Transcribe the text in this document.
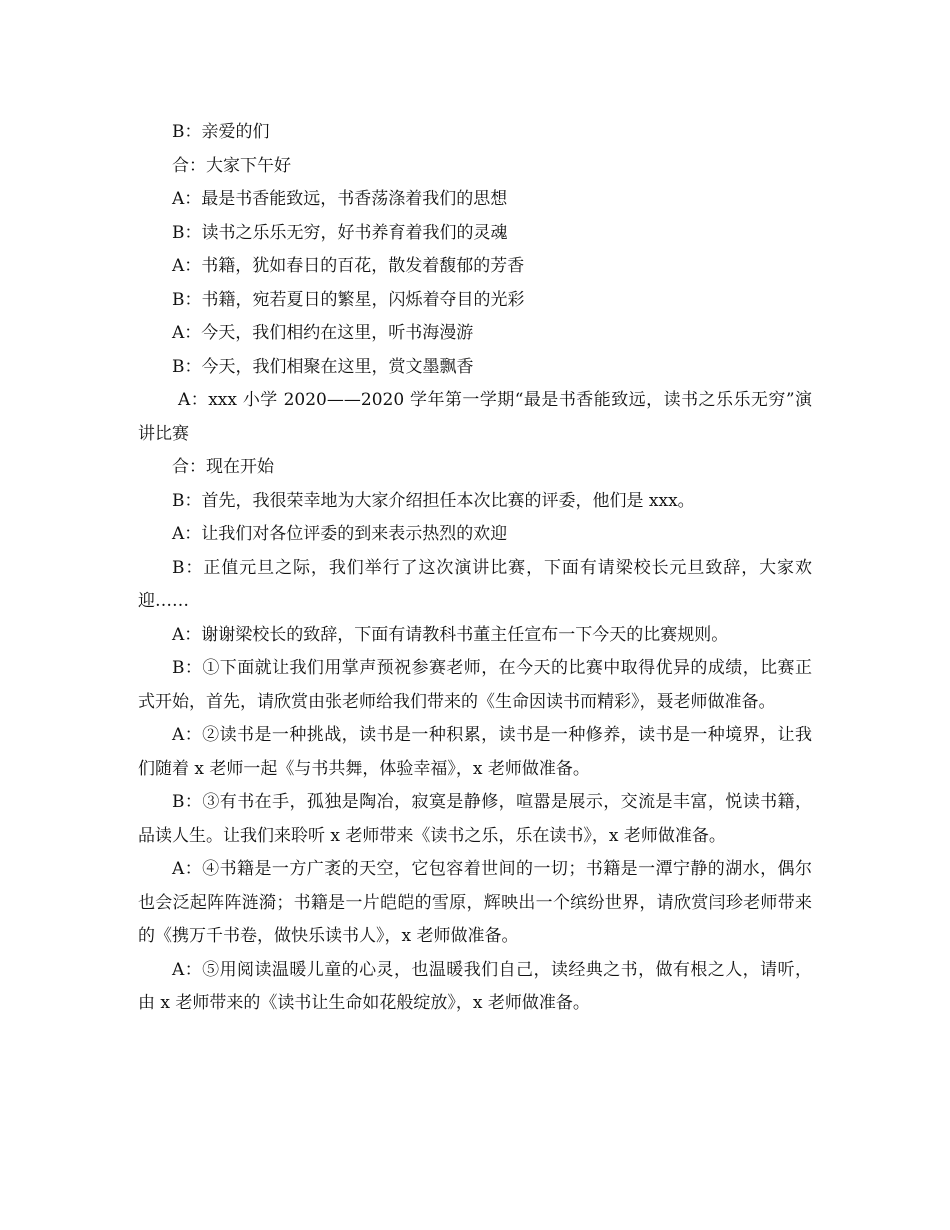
B：亲爱的们

合：大家下午好

A：最是书香能致远，书香荡涤着我们的思想

B：读书之乐乐无穷，好书养育着我们的灵魂

A：书籍，犹如春日的百花，散发着馥郁的芳香

B：书籍，宛若夏日的繁星，闪烁着夺目的光彩

A：今天，我们相约在这里，听书海漫游

B：今天，我们相聚在这里，赏文墨飘香

A：xxx 小学 2020——2020 学年第一学期“最是书香能致远，读书之乐乐无穷”演讲比赛

合：现在开始

B：首先，我很荣幸地为大家介绍担任本次比赛的评委，他们是 xxx。

A：让我们对各位评委的到来表示热烈的欢迎

B：正值元旦之际，我们举行了这次演讲比赛，下面有请梁校长元旦致辞，大家欢迎……

A：谢谢梁校长的致辞，下面有请教科书董主任宣布一下今天的比赛规则。

B：①下面就让我们用掌声预祝参赛老师，在今天的比赛中取得优异的成绩，比赛正式开始，首先，请欣赏由张老师给我们带来的《生命因读书而精彩》，聂老师做准备。

A：②读书是一种挑战，读书是一种积累，读书是一种修养，读书是一种境界，让我们随着 x 老师一起《与书共舞，体验幸福》，x 老师做准备。

B：③有书在手，孤独是陶冶，寂寞是静修，喧嚣是展示，交流是丰富，悦读书籍，品读人生。让我们来聆听 x 老师带来《读书之乐，乐在读书》，x 老师做准备。

A：④书籍是一方广袤的天空，它包容着世间的一切；书籍是一潭宁静的湖水，偶尔也会泛起阵阵涟漪；书籍是一片皑皑的雪原，辉映出一个缤纷世界，请欣赏闫珍老师带来的《携万千书卷，做快乐读书人》，x 老师做准备。

A：⑤用阅读温暖儿童的心灵，也温暖我们自己，读经典之书，做有根之人，请听，由 x 老师带来的《读书让生命如花般绽放》，x 老师做准备。
